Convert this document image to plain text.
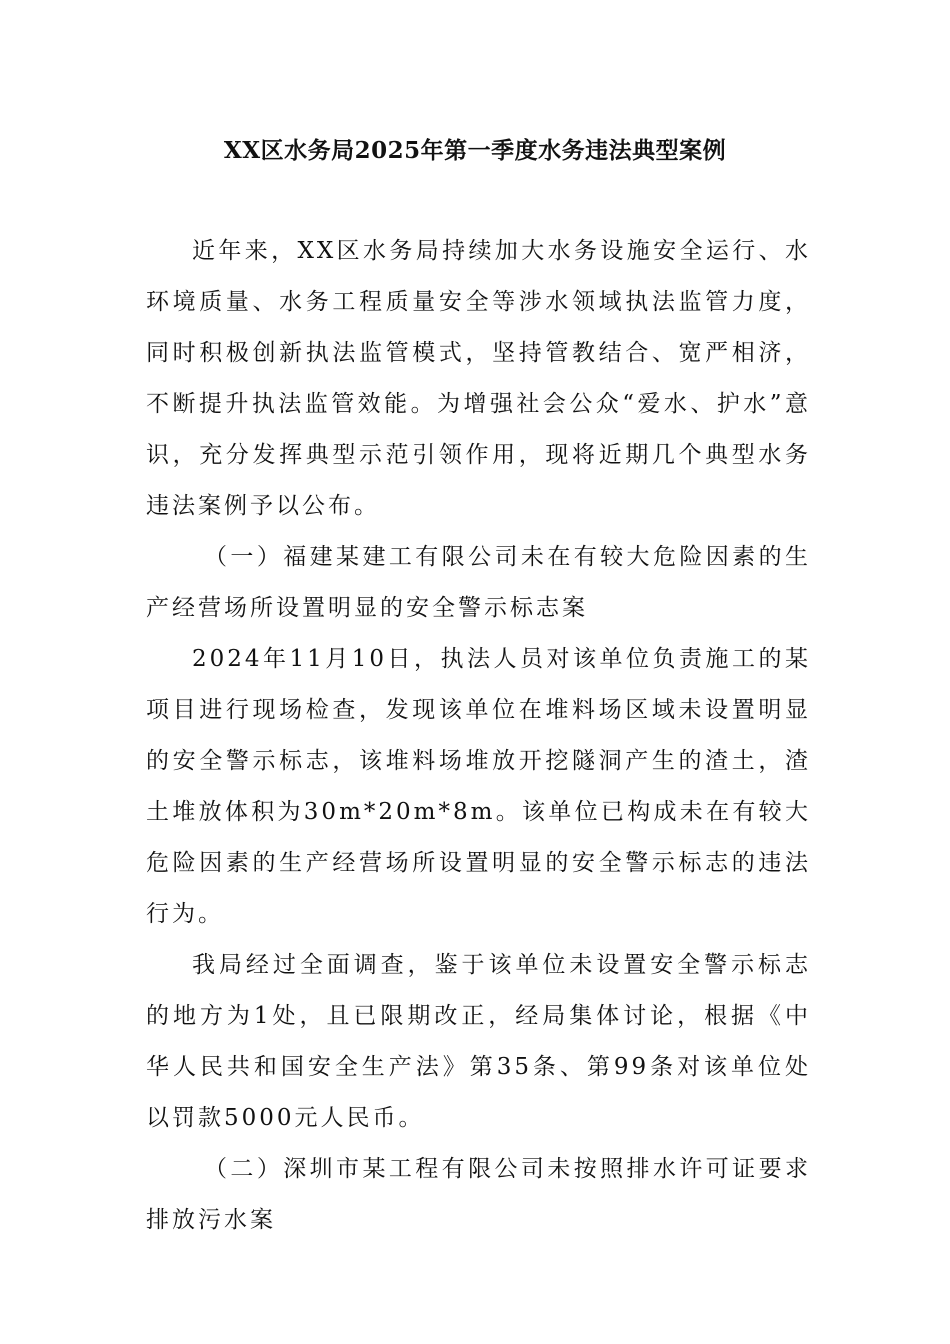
XX区水务局2025年第一季度水务违法典型案例

近年来，XX区水务局持续加大水务设施安全运行、水环境质量、水务工程质量安全等涉水领域执法监管力度，同时积极创新执法监管模式，坚持管教结合、宽严相济，不断提升执法监管效能。为增强社会公众“爱水、护水”意识，充分发挥典型示范引领作用，现将近期几个典型水务违法案例予以公布。

（一）福建某建工有限公司未在有较大危险因素的生产经营场所设置明显的安全警示标志案

2024年11月10日，执法人员对该单位负责施工的某项目进行现场检查，发现该单位在堆料场区域未设置明显的安全警示标志，该堆料场堆放开挖隧洞产生的渣土，渣土堆放体积为30m*20m*8m。该单位已构成未在有较大危险因素的生产经营场所设置明显的安全警示标志的违法行为。

我局经过全面调查，鉴于该单位未设置安全警示标志的地方为1处，且已限期改正，经局集体讨论，根据《中华人民共和国安全生产法》第35条、第99条对该单位处以罚款5000元人民币。

（二）深圳市某工程有限公司未按照排水许可证要求排放污水案
